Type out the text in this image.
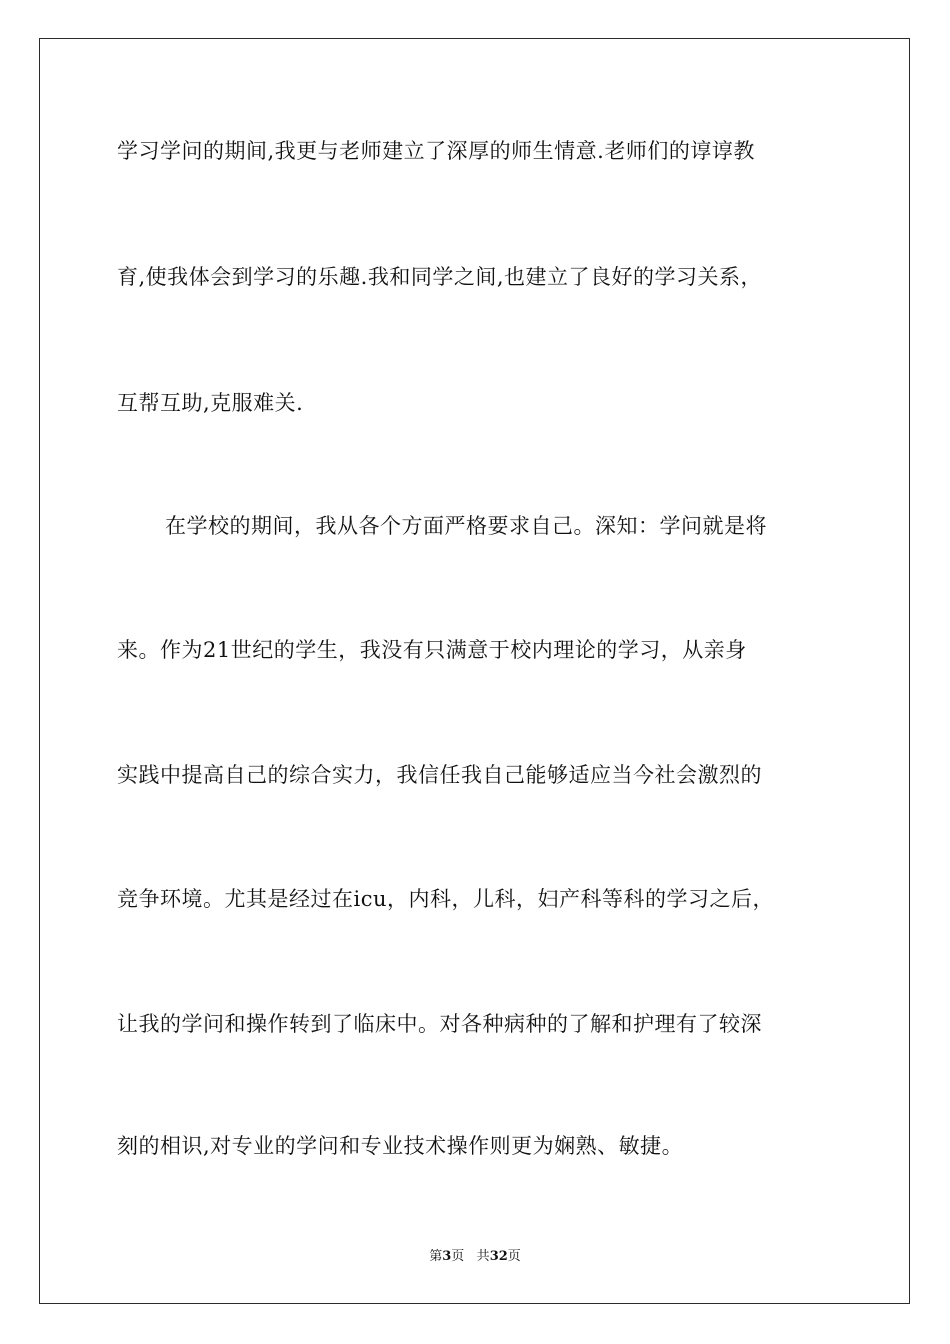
学习学问的期间,我更与老师建立了深厚的师生情意.老师们的谆谆教
育,使我体会到学习的乐趣.我和同学之间,也建立了良好的学习关系，
互帮互助,克服难关.
在学校的期间，我从各个方面严格要求自己。深知：学问就是将
来。作为21世纪的学生，我没有只满意于校内理论的学习，从亲身
实践中提高自己的综合实力，我信任我自己能够适应当今社会激烈的
竞争环境。尤其是经过在icu，内科，儿科，妇产科等科的学习之后，
让我的学问和操作转到了临床中。对各种病种的了解和护理有了较深
刻的相识,对专业的学问和专业技术操作则更为娴熟、敏捷。
第3页 共32页
